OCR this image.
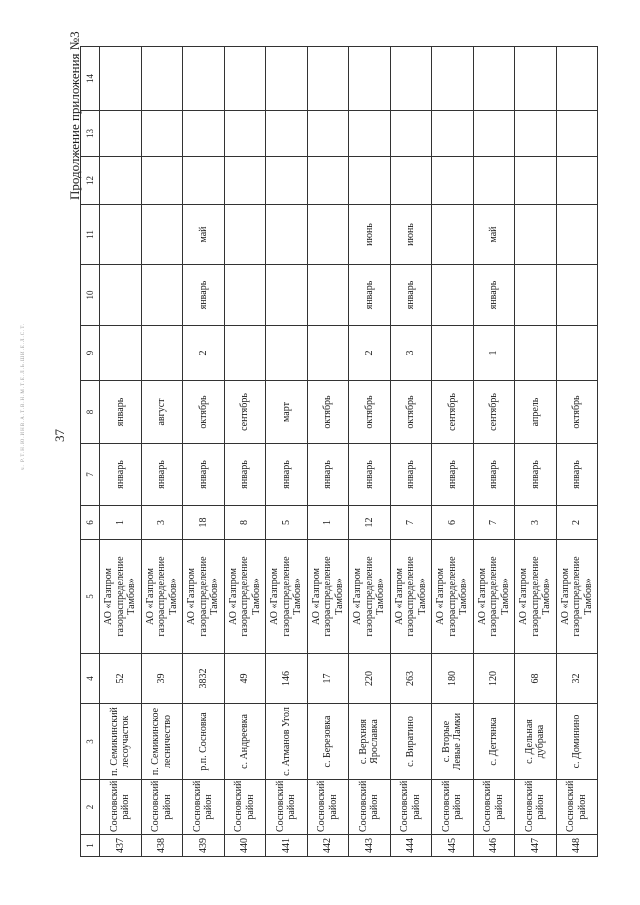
ч. Р.Т.Н.Ю.ИНВ.А.Т.В.Н.М.Т.Е.Л.Ь.ШИ.Е.Л.С.Т. 37
Продолжение приложения №3
1	2	3	4	5	6	7	8	9	10	11	12	13	14
437	Сосновский район	п. Семикинский лесоучасток	52	АО «Газпром газораспределение Тамбов»	1	январь	январь						
438	Сосновский район	п. Семикинское лесничество	39	АО «Газпром газораспределение Тамбов»	3	январь	август						
439	Сосновский район	р.п. Сосновка	3832	АО «Газпром газораспределение Тамбов»	18	январь	октябрь	2	январь	май			
440	Сосновский район	с. Андреевка	49	АО «Газпром газораспределение Тамбов»	8	январь	сентябрь						
441	Сосновский район	с. Атманов Угол	146	АО «Газпром газораспределение Тамбов»	5	январь	март						
442	Сосновский район	с. Березовка	17	АО «Газпром газораспределение Тамбов»	1	январь	октябрь						
443	Сосновский район	с. Верхняя Ярославка	220	АО «Газпром газораспределение Тамбов»	12	январь	октябрь	2	январь	июнь			
444	Сосновский район	с. Виратино	263	АО «Газпром газораспределение Тамбов»	7	январь	октябрь	3	январь	июнь			
445	Сосновский район	с. Вторые Левые Ламки	180	АО «Газпром газораспределение Тамбов»	6	январь	сентябрь						
446	Сосновский район	с. Дегтянка	120	АО «Газпром газораспределение Тамбов»	7	январь	сентябрь	1	январь	май			
447	Сосновский район	с. Дельная дубрава	68	АО «Газпром газораспределение Тамбов»	3	январь	апрель						
448	Сосновский район	с. Доминино	32	АО «Газпром газораспределение Тамбов»	2	январь	октябрь						
